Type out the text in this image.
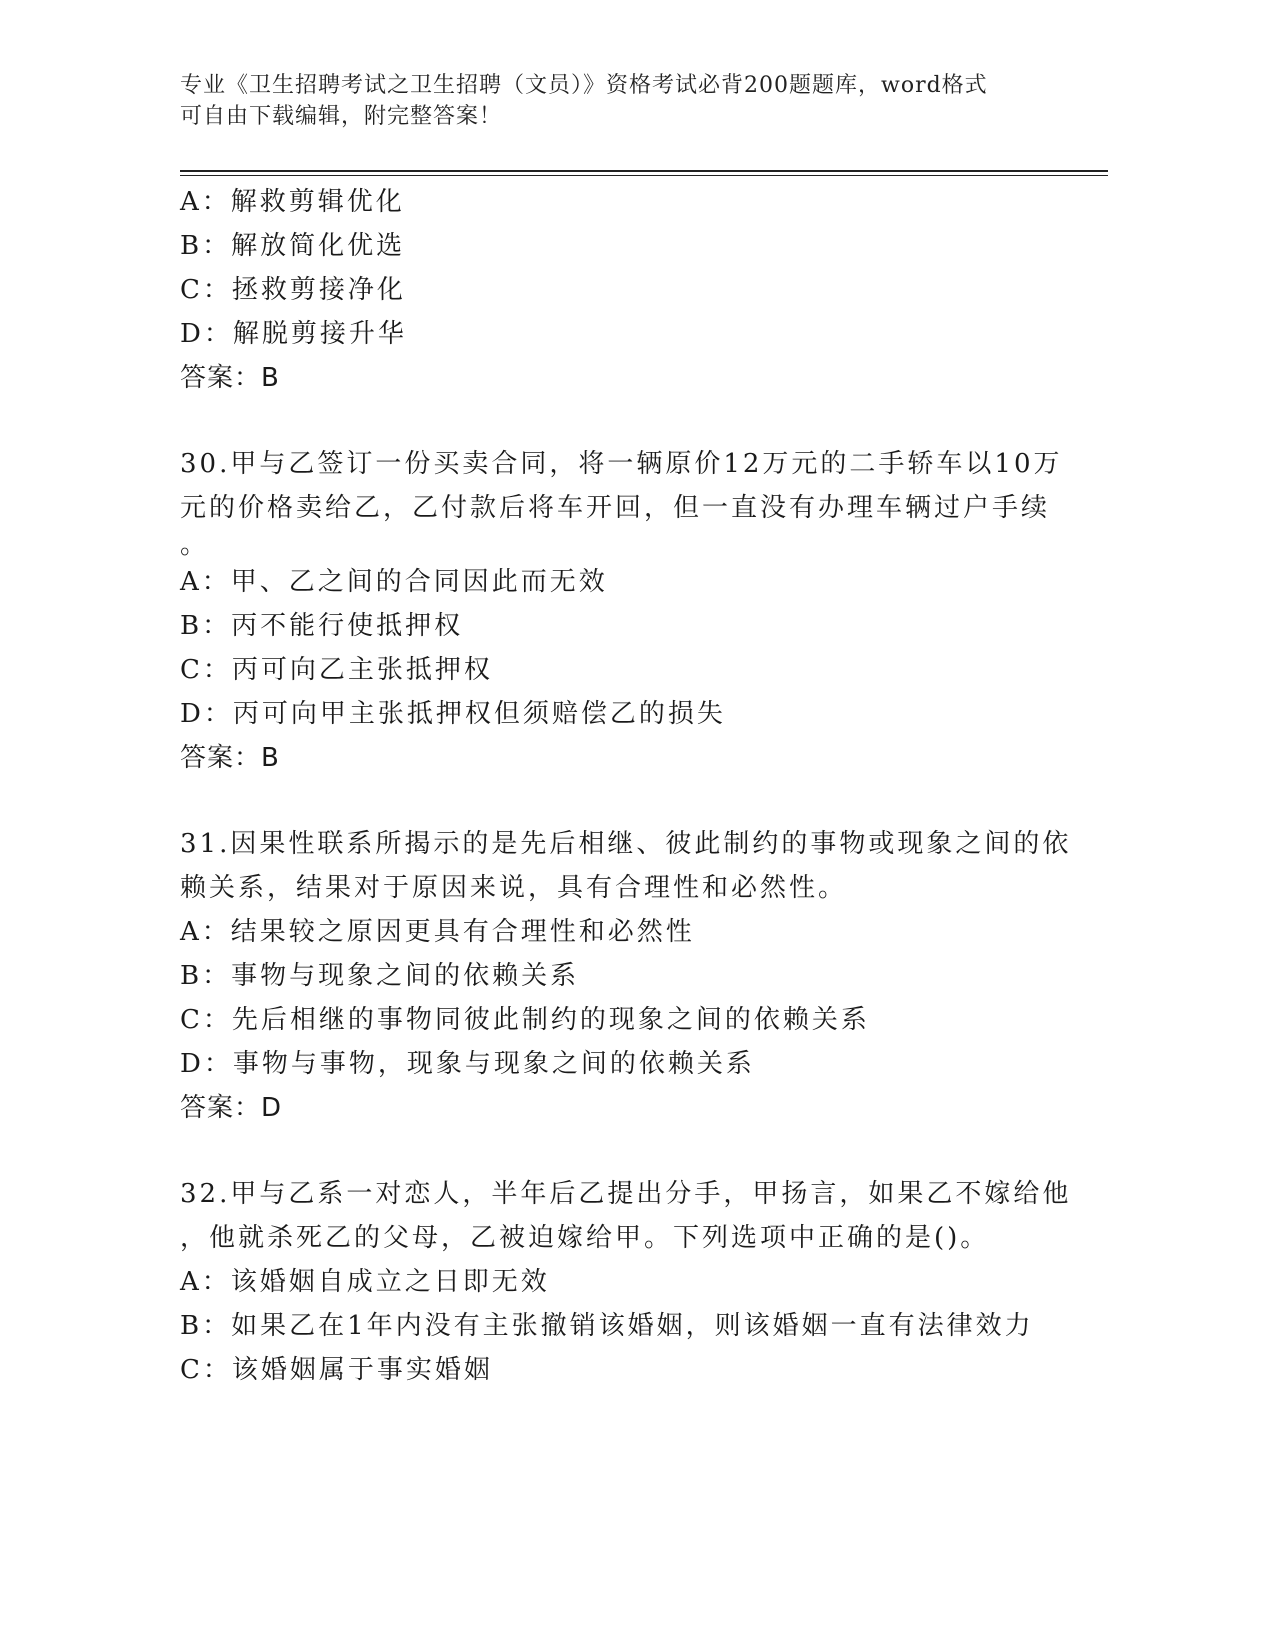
专业《卫生招聘考试之卫生招聘（文员）》资格考试必背200题题库，word格式
可自由下载编辑，附完整答案！
A：解救剪辑优化
B：解放简化优选
C：拯救剪接净化
D：解脱剪接升华
答案：B
30.甲与乙签订一份买卖合同，将一辆原价12万元的二手轿车以10万
元的价格卖给乙，乙付款后将车开回，但一直没有办理车辆过户手续
。
A：甲、乙之间的合同因此而无效
B：丙不能行使抵押权
C：丙可向乙主张抵押权
D：丙可向甲主张抵押权但须赔偿乙的损失
答案：B
31.因果性联系所揭示的是先后相继、彼此制约的事物或现象之间的依
赖关系，结果对于原因来说，具有合理性和必然性。
A：结果较之原因更具有合理性和必然性
B：事物与现象之间的依赖关系
C：先后相继的事物同彼此制约的现象之间的依赖关系
D：事物与事物，现象与现象之间的依赖关系
答案：D
32.甲与乙系一对恋人，半年后乙提出分手，甲扬言，如果乙不嫁给他
，他就杀死乙的父母，乙被迫嫁给甲。下列选项中正确的是()。
A：该婚姻自成立之日即无效
B：如果乙在1年内没有主张撤销该婚姻，则该婚姻一直有法律效力
C：该婚姻属于事实婚姻
